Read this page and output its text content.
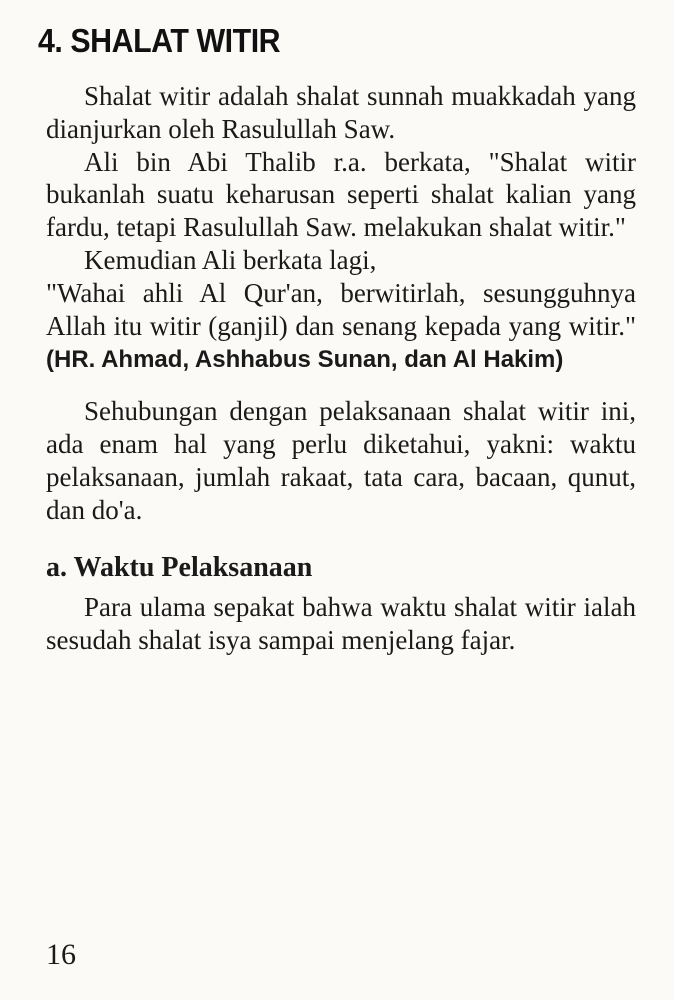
4. SHALAT WITIR

Shalat witir adalah shalat sunnah muakkadah yang dianjurkan oleh Rasulullah Saw.

Ali bin Abi Thalib r.a. berkata, "Shalat witir bukanlah suatu keharusan seperti shalat kalian yang fardu, tetapi Rasulullah Saw. melakukan shalat witir."

Kemudian Ali berkata lagi,

"Wahai ahli Al Qur'an, berwitirlah, sesungguhnya Allah itu witir (ganjil) dan senang kepada yang witir." (HR. Ahmad, Ashhabus Sunan, dan Al Hakim)

Sehubungan dengan pelaksanaan shalat witir ini, ada enam hal yang perlu diketahui, yakni: waktu pelaksanaan, jumlah rakaat, tata cara, bacaan, qunut, dan do'a.

a. Waktu Pelaksanaan

Para ulama sepakat bahwa waktu shalat witir ialah sesudah shalat isya sampai menjelang fajar.

16
